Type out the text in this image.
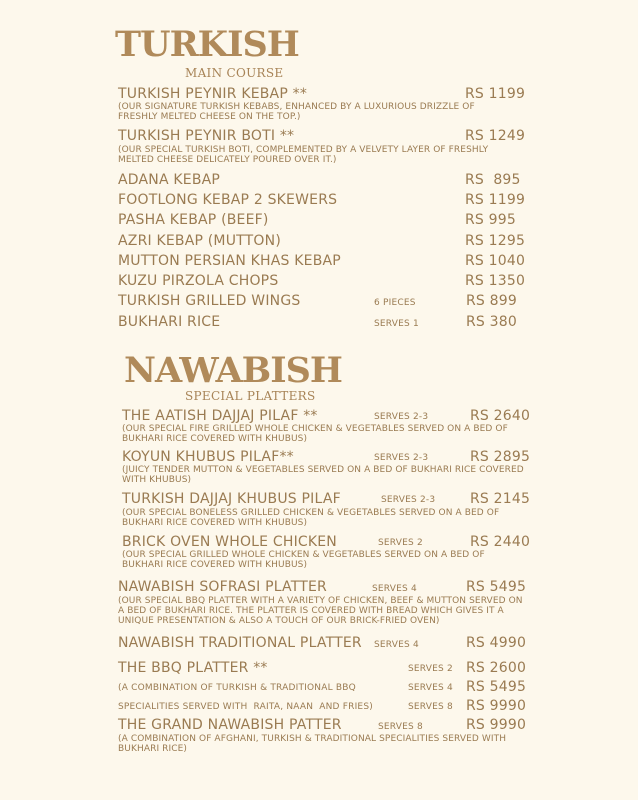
TURKISH
MAIN COURSE
TURKISH PEYNIR KEBAP **	RS 1199
(OUR SIGNATURE TURKISH KEBABS, ENHANCED BY A LUXURIOUS DRIZZLE OF FRESHLY MELTED CHEESE ON THE TOP.)
TURKISH PEYNIR BOTI **	RS 1249
(OUR SPECIAL TURKISH BOTI, COMPLEMENTED BY A VELVETY LAYER OF FRESHLY MELTED CHEESE DELICATELY POURED OVER IT.)
ADANA KEBAP	RS  895
FOOTLONG KEBAP 2 SKEWERS	RS 1199
PASHA KEBAP (BEEF)	RS 995
AZRI KEBAP (MUTTON)	RS 1295
MUTTON PERSIAN KHAS KEBAP	RS 1040
KUZU PIRZOLA CHOPS	RS 1350
TURKISH GRILLED WINGS	6 PIECES	RS 899
BUKHARI RICE	SERVES 1	RS 380
NAWABISH
SPECIAL PLATTERS
THE AATISH DAJJAJ PILAF **	SERVES 2-3	RS 2640
(OUR SPECIAL FIRE GRILLED WHOLE CHICKEN & VEGETABLES SERVED ON A BED OF BUKHARI RICE COVERED WITH KHUBUS)
KOYUN KHUBUS PILAF**	SERVES 2-3	RS 2895
(JUICY TENDER MUTTON & VEGETABLES SERVED ON A BED OF BUKHARI RICE COVERED WITH KHUBUS)
TURKISH DAJJAJ KHUBUS PILAF	SERVES 2-3 RS 2145
(OUR SPECIAL BONELESS GRILLED CHICKEN & VEGETABLES SERVED ON A BED OF BUKHARI RICE COVERED WITH KHUBUS)
BRICK OVEN WHOLE CHICKEN	SERVES 2	RS 2440
(OUR SPECIAL GRILLED WHOLE CHICKEN & VEGETABLES SERVED ON A BED OF BUKHARI RICE COVERED WITH KHUBUS)
NAWABISH SOFRASI PLATTER	SERVES 4	RS 5495
(OUR SPECIAL BBQ PLATTER WITH A VARIETY OF CHICKEN, BEEF & MUTTON SERVED ON A BED OF BUKHARI RICE. THE PLATTER IS COVERED WITH BREAD WHICH GIVES IT A UNIQUE PRESENTATION & ALSO A TOUCH OF OUR BRICK-FRIED OVEN)
NAWABISH TRADITIONAL PLATTER SERVES 4	RS 4990
THE BBQ PLATTER **	SERVES 2 RS 2600
(A COMBINATION OF TURKISH & TRADITIONAL BBQ	SERVES 4 RS 5495
SPECIALITIES SERVED WITH  RAITA, NAAN  AND FRIES)	SERVES 8 RS 9990
THE GRAND NAWABISH PATTER	SERVES 8	RS 9990
(A COMBINATION OF AFGHANI, TURKISH & TRADITIONAL SPECIALITIES SERVED WITH BUKHARI RICE)
